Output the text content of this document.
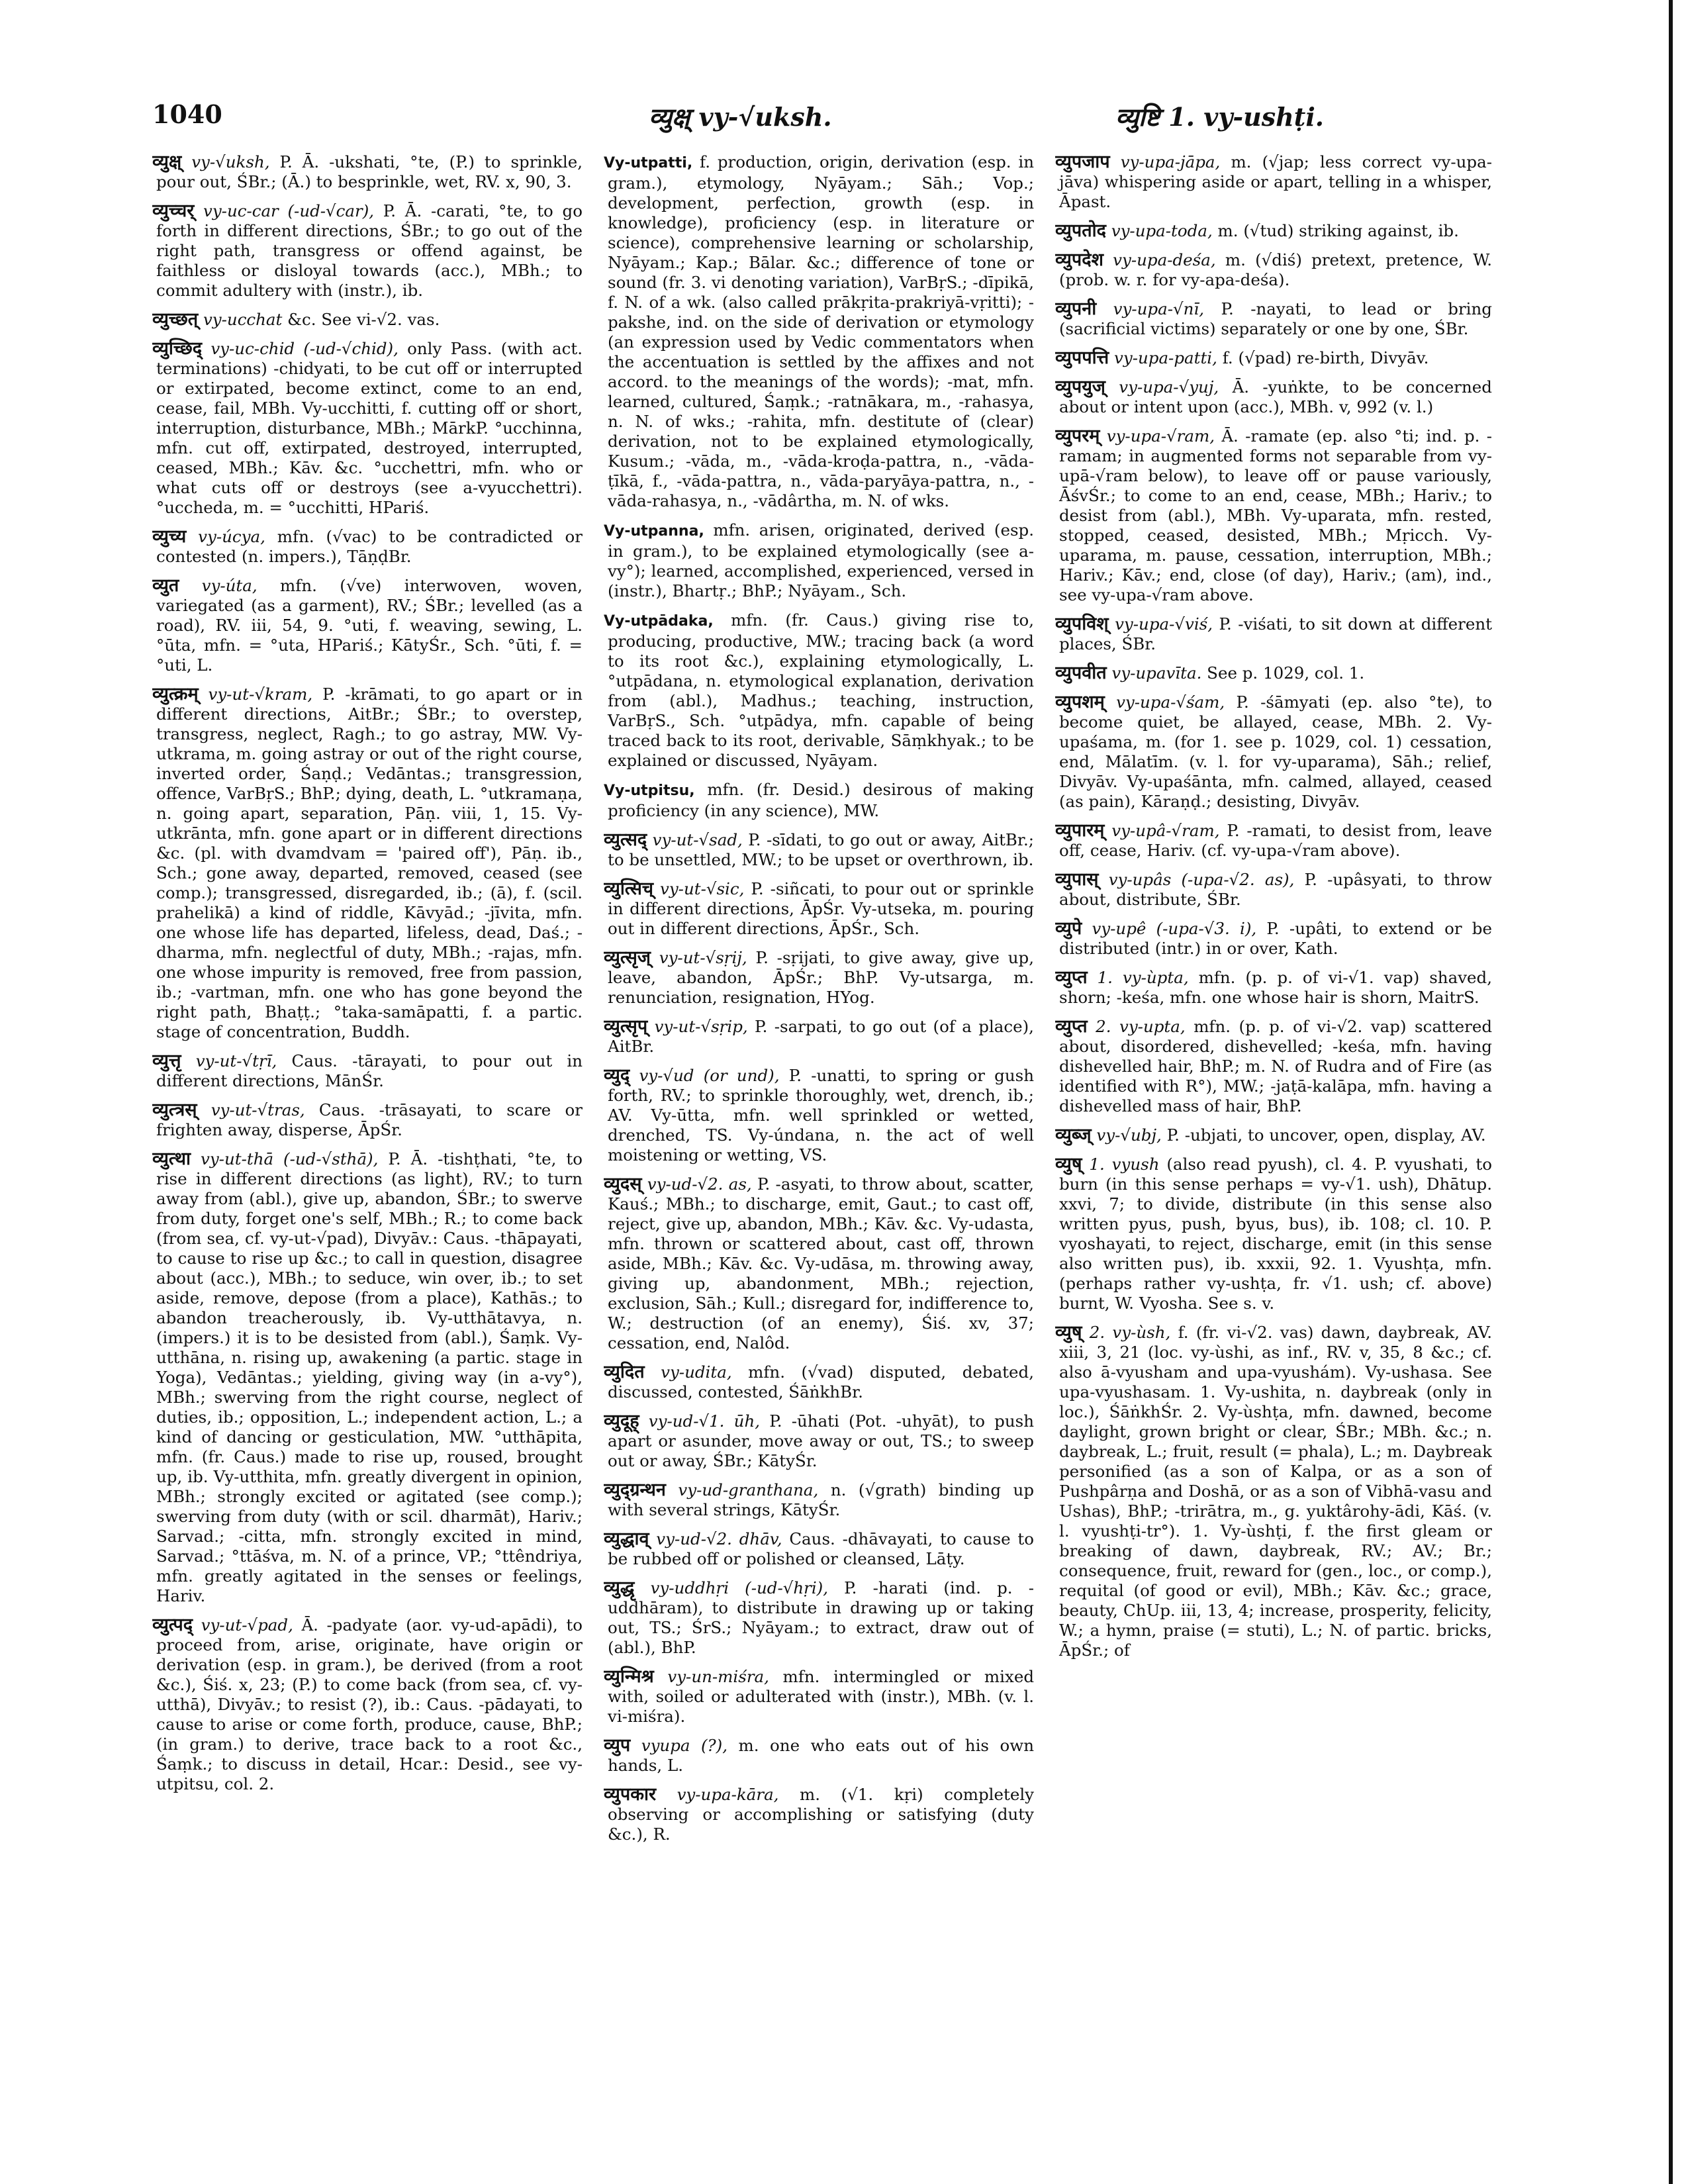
1040	व्युक्ष् vy-√uksh.	व्युष्टि 1. vy-ushṭi.
व्युक्ष् vy-√uksh, P. Ā. -ukshati, °te, (P.) to sprinkle, pour out, ŚBr.; (Ā.) to besprinkle, wet, RV. x, 90, 3.
व्युच्चर् vy-uc-car (-ud-√car), P. Ā. -carati, °te, to go forth in different directions, ŚBr.; to go out of the right path, transgress or offend against, be faithless or disloyal towards (acc.), MBh.; to commit adultery with (instr.), ib.
व्युच्छत् vy-ucchat &c. See vi-√2. vas.
व्युच्छिद् vy-uc-chid (-ud-√chid), only Pass. (with act. terminations) -chidyati, to be cut off or interrupted or extirpated, become extinct, come to an end, cease, fail, MBh. Vy-ucchitti, f. cutting off or short, interruption, disturbance, MBh.; MārkP. °ucchinna, mfn. cut off, extirpated, destroyed, interrupted, ceased, MBh.; Kāv. &c. °ucchettri, mfn. who or what cuts off or destroys (see a-vyucchettri). °uccheda, m. = °ucchitti, HPariś.
व्युच्य vy-úcya, mfn. (√vac) to be contradicted or contested (n. impers.), TāṇḍBr.
व्युत vy-úta, mfn. (√ve) interwoven, woven, variegated (as a garment), RV.; ŚBr.; levelled (as a road), RV. iii, 54, 9. °uti, f. weaving, sewing, L. °ūta, mfn. = °uta, HPariś.; KātyŚr., Sch. °ūti, f. = °uti, L.
व्युत्क्रम् vy-ut-√kram, P. -krāmati, to go apart or in different directions, AitBr.; ŚBr.; to overstep, transgress, neglect, Ragh.; to go astray, MW. Vy-utkrama, m. going astray or out of the right course, inverted order, Śaṇḍ.; Vedāntas.; transgression, offence, VarBṛS.; BhP.; dying, death, L. °utkramaṇa, n. going apart, separation, Pāṇ. viii, 1, 15. Vy-utkrānta, mfn. gone apart or in different directions &c. (pl. with dvamdvam = 'paired off'), Pāṇ. ib., Sch.; gone away, departed, removed, ceased (see comp.); transgressed, disregarded, ib.; (ā), f. (scil. prahelikā) a kind of riddle, Kāvyād.; -jīvita, mfn. one whose life has departed, lifeless, dead, Daś.; -dharma, mfn. neglectful of duty, MBh.; -rajas, mfn. one whose impurity is removed, free from passion, ib.; -vartman, mfn. one who has gone beyond the right path, Bhaṭṭ.; °taka-samāpatti, f. a partic. stage of concentration, Buddh.
व्युत्तृ vy-ut-√tṛī, Caus. -tārayati, to pour out in different directions, MānŚr.
व्युत्त्रस् vy-ut-√tras, Caus. -trāsayati, to scare or frighten away, disperse, ĀpŚr.
व्युत्था vy-ut-thā (-ud-√sthā), P. Ā. -tishṭhati, °te, to rise in different directions (as light), RV.; to turn away from (abl.), give up, abandon, ŚBr.; to swerve from duty, forget one's self, MBh.; R.; to come back (from sea, cf. vy-ut-√pad), Divyāv.: Caus. -thāpayati, to cause to rise up &c.; to call in question, disagree about (acc.), MBh.; to seduce, win over, ib.; to set aside, remove, depose (from a place), Kathās.; to abandon treacherously, ib. Vy-utthātavya, n. (impers.) it is to be desisted from (abl.), Śaṃk. Vy-utthāna, n. rising up, awakening (a partic. stage in Yoga), Vedāntas.; yielding, giving way (in a-vy°), MBh.; swerving from the right course, neglect of duties, ib.; opposition, L.; independent action, L.; a kind of dancing or gesticulation, MW. °utthāpita, mfn. (fr. Caus.) made to rise up, roused, brought up, ib. Vy-utthita, mfn. greatly divergent in opinion, MBh.; strongly excited or agitated (see comp.); swerving from duty (with or scil. dharmāt), Hariv.; Sarvad.; -citta, mfn. strongly excited in mind, Sarvad.; °ttāśva, m. N. of a prince, VP.; °ttêndriya, mfn. greatly agitated in the senses or feelings, Hariv.
व्युत्पद् vy-ut-√pad, Ā. -padyate (aor. vy-ud-apādi), to proceed from, arise, originate, have origin or derivation (esp. in gram.), be derived (from a root &c.), Śiś. x, 23; (P.) to come back (from sea, cf. vy-utthā), Divyāv.; to resist (?), ib.: Caus. -pādayati, to cause to arise or come forth, produce, cause, BhP.; (in gram.) to derive, trace back to a root &c., Śaṃk.; to discuss in detail, Hcar.: Desid., see vy-utpitsu, col. 2.
Vy-utpatti, f. production, origin, derivation (esp. in gram.), etymology, Nyāyam.; Sāh.; Vop.; development, perfection, growth (esp. in knowledge), proficiency (esp. in literature or science), comprehensive learning or scholarship, Nyāyam.; Kap.; Bālar. &c.; difference of tone or sound (fr. 3. vi denoting variation), VarBṛS.; -dīpikā, f. N. of a wk. (also called prākṛita-prakriyā-vṛitti); -pakshe, ind. on the side of derivation or etymology (an expression used by Vedic commentators when the accentuation is settled by the affixes and not accord. to the meanings of the words); -mat, mfn. learned, cultured, Śaṃk.; -ratnākara, m., -rahasya, n. N. of wks.; -rahita, mfn. destitute of (clear) derivation, not to be explained etymologically, Kusum.; -vāda, m., -vāda-kroḍa-pattra, n., -vāda-ṭīkā, f., -vāda-pattra, n., vāda-paryāya-pattra, n., -vāda-rahasya, n., -vādârtha, m. N. of wks.
Vy-utpanna, mfn. arisen, originated, derived (esp. in gram.), to be explained etymologically (see a-vy°); learned, accomplished, experienced, versed in (instr.), Bhartṛ.; BhP.; Nyāyam., Sch.
Vy-utpādaka, mfn. (fr. Caus.) giving rise to, producing, productive, MW.; tracing back (a word to its root &c.), explaining etymologically, L. °utpādana, n. etymological explanation, derivation from (abl.), Madhus.; teaching, instruction, VarBṛS., Sch. °utpādya, mfn. capable of being traced back to its root, derivable, Sāṃkhyak.; to be explained or discussed, Nyāyam.
Vy-utpitsu, mfn. (fr. Desid.) desirous of making proficiency (in any science), MW.
व्युत्सद् vy-ut-√sad, P. -sīdati, to go out or away, AitBr.; to be unsettled, MW.; to be upset or overthrown, ib.
व्युत्सिच् vy-ut-√sic, P. -siñcati, to pour out or sprinkle in different directions, ĀpŚr. Vy-utseka, m. pouring out in different directions, ĀpŚr., Sch.
व्युत्सृज् vy-ut-√sṛij, P. -sṛijati, to give away, give up, leave, abandon, ĀpŚr.; BhP. Vy-utsarga, m. renunciation, resignation, HYog.
व्युत्सृप् vy-ut-√sṛip, P. -sarpati, to go out (of a place), AitBr.
व्युद् vy-√ud (or und), P. -unatti, to spring or gush forth, RV.; to sprinkle thoroughly, wet, drench, ib.; AV. Vy-ūtta, mfn. well sprinkled or wetted, drenched, TS. Vy-úndana, n. the act of well moistening or wetting, VS.
व्युदस् vy-ud-√2. as, P. -asyati, to throw about, scatter, Kauś.; MBh.; to discharge, emit, Gaut.; to cast off, reject, give up, abandon, MBh.; Kāv. &c. Vy-udasta, mfn. thrown or scattered about, cast off, thrown aside, MBh.; Kāv. &c. Vy-udāsa, m. throwing away, giving up, abandonment, MBh.; rejection, exclusion, Sāh.; Kull.; disregard for, indifference to, W.; destruction (of an enemy), Śiś. xv, 37; cessation, end, Nalôd.
व्युदित vy-udita, mfn. (√vad) disputed, debated, discussed, contested, ŚāṅkhBr.
व्युदूह् vy-ud-√1. ūh, P. -ūhati (Pot. -uhyāt), to push apart or asunder, move away or out, TS.; to sweep out or away, ŚBr.; KātyŚr.
व्युद्ग्रन्थन vy-ud-granthana, n. (√grath) binding up with several strings, KātyŚr.
व्युद्धाव् vy-ud-√2. dhāv, Caus. -dhāvayati, to cause to be rubbed off or polished or cleansed, Lāṭy.
व्युद्धृ vy-uddhṛi (-ud-√hṛi), P. -harati (ind. p. -uddhāram), to distribute in drawing up or taking out, TS.; ŚrS.; Nyāyam.; to extract, draw out of (abl.), BhP.
व्युन्मिश्र vy-un-miśra, mfn. intermingled or mixed with, soiled or adulterated with (instr.), MBh. (v. l. vi-miśra).
व्युप vyupa (?), m. one who eats out of his own hands, L.
व्युपकार vy-upa-kāra, m. (√1. kṛi) completely observing or accomplishing or satisfying (duty &c.), R.
व्युपजाप vy-upa-jāpa, m. (√jap; less correct vy-upa-jāva) whispering aside or apart, telling in a whisper, Āpast.
व्युपतोद vy-upa-toda, m. (√tud) striking against, ib.
व्युपदेश vy-upa-deśa, m. (√diś) pretext, pretence, W. (prob. w. r. for vy-apa-deśa).
व्युपनी vy-upa-√nī, P. -nayati, to lead or bring (sacrificial victims) separately or one by one, ŚBr.
व्युपपत्ति vy-upa-patti, f. (√pad) re-birth, Divyāv.
व्युपयुज् vy-upa-√yuj, Ā. -yuṅkte, to be concerned about or intent upon (acc.), MBh. v, 992 (v. l.)
व्युपरम् vy-upa-√ram, Ā. -ramate (ep. also °ti; ind. p. -ramam; in augmented forms not separable from vy-upā-√ram below), to leave off or pause variously, ĀśvŚr.; to come to an end, cease, MBh.; Hariv.; to desist from (abl.), MBh. Vy-uparata, mfn. rested, stopped, ceased, desisted, MBh.; Mṛicch. Vy-uparama, m. pause, cessation, interruption, MBh.; Hariv.; Kāv.; end, close (of day), Hariv.; (am), ind., see vy-upa-√ram above.
व्युपविश् vy-upa-√viś, P. -viśati, to sit down at different places, ŚBr.
व्युपवीत vy-upavīta. See p. 1029, col. 1.
व्युपशम् vy-upa-√śam, P. -śāmyati (ep. also °te), to become quiet, be allayed, cease, MBh. 2. Vy-upaśama, m. (for 1. see p. 1029, col. 1) cessation, end, Mālatīm. (v. l. for vy-uparama), Sāh.; relief, Divyāv. Vy-upaśānta, mfn. calmed, allayed, ceased (as pain), Kāraṇḍ.; desisting, Divyāv.
व्युपारम् vy-upâ-√ram, P. -ramati, to desist from, leave off, cease, Hariv. (cf. vy-upa-√ram above).
व्युपास् vy-upâs (-upa-√2. as), P. -upâsyati, to throw about, distribute, ŚBr.
व्युपे vy-upê (-upa-√3. i), P. -upâti, to extend or be distributed (intr.) in or over, Kath.
व्युप्त 1. vy-ùpta, mfn. (p. p. of vi-√1. vap) shaved, shorn; -keśa, mfn. one whose hair is shorn, MaitrS.
व्युप्त 2. vy-upta, mfn. (p. p. of vi-√2. vap) scattered about, disordered, dishevelled; -keśa, mfn. having dishevelled hair, BhP.; m. N. of Rudra and of Fire (as identified with R°), MW.; -jaṭā-kalāpa, mfn. having a dishevelled mass of hair, BhP.
व्युब्ज् vy-√ubj, P. -ubjati, to uncover, open, display, AV.
व्युष् 1. vyush (also read pyush), cl. 4. P. vyushati, to burn (in this sense perhaps = vy-√1. ush), Dhātup. xxvi, 7; to divide, distribute (in this sense also written pyus, push, byus, bus), ib. 108; cl. 10. P. vyoshayati, to reject, discharge, emit (in this sense also written pus), ib. xxxii, 92. 1. Vyushṭa, mfn. (perhaps rather vy-ushṭa, fr. √1. ush; cf. above) burnt, W. Vyosha. See s. v.
व्युष् 2. vy-ùsh, f. (fr. vi-√2. vas) dawn, daybreak, AV. xiii, 3, 21 (loc. vy-ùshi, as inf., RV. v, 35, 8 &c.; cf. also ā-vyusham and upa-vyushám). Vy-ushasa. See upa-vyushasam. 1. Vy-ushita, n. daybreak (only in loc.), ŚāṅkhŚr. 2. Vy-ùshṭa, mfn. dawned, become daylight, grown bright or clear, ŚBr.; MBh. &c.; n. daybreak, L.; fruit, result (= phala), L.; m. Daybreak personified (as a son of Kalpa, or as a son of Pushpârṇa and Doshā, or as a son of Vibhā-vasu and Ushas), BhP.; -trirātra, m., g. yuktârohy-ādi, Kāś. (v. l. vyushṭi-tr°). 1. Vy-ùshṭi, f. the first gleam or breaking of dawn, daybreak, RV.; AV.; Br.; consequence, fruit, reward for (gen., loc., or comp.), requital (of good or evil), MBh.; Kāv. &c.; grace, beauty, ChUp. iii, 13, 4; increase, prosperity, felicity, W.; a hymn, praise (= stuti), L.; N. of partic. bricks, ĀpŚr.; of
